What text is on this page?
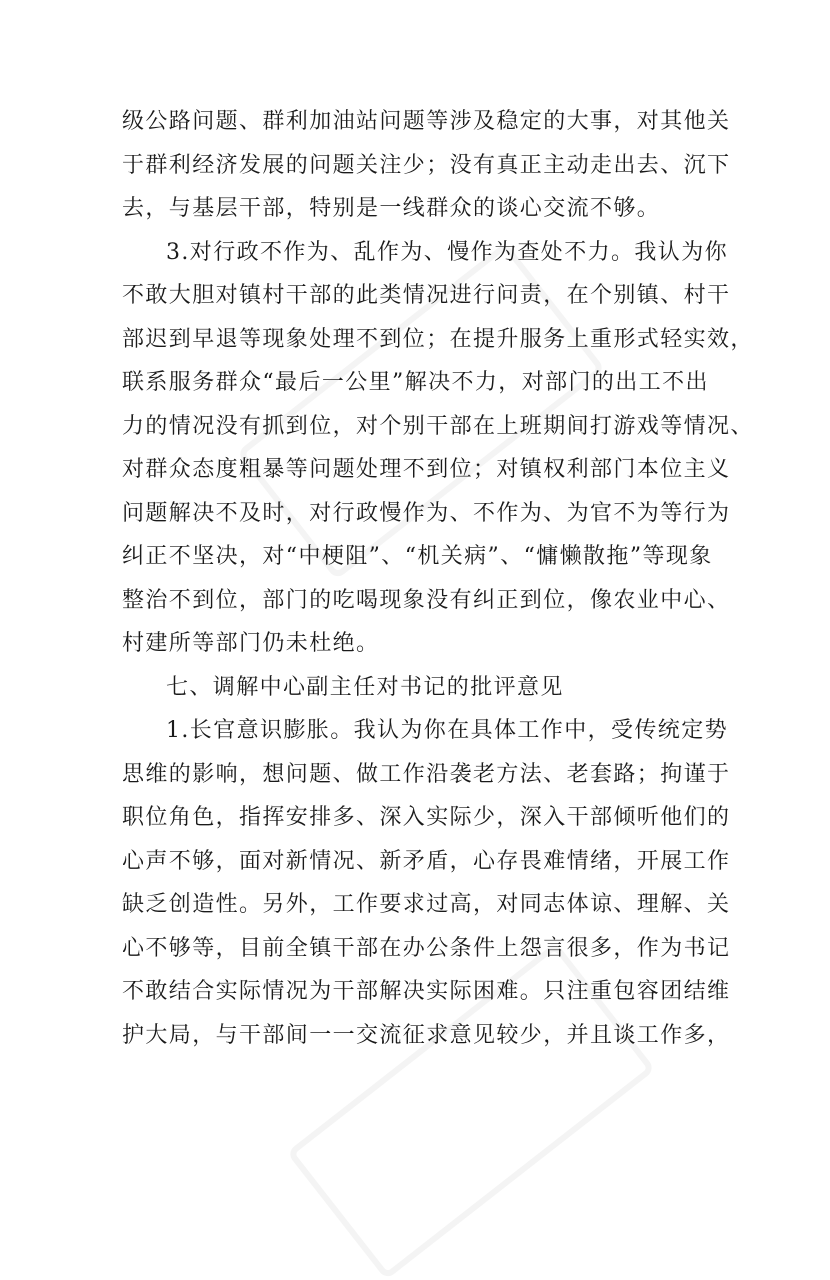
级公路问题、群利加油站问题等涉及稳定的大事，对其他关
于群利经济发展的问题关注少；没有真正主动走出去、沉下
去，与基层干部，特别是一线群众的谈心交流不够。
3.对行政不作为、乱作为、慢作为查处不力。我认为你
不敢大胆对镇村干部的此类情况进行问责，在个别镇、村干
部迟到早退等现象处理不到位；在提升服务上重形式轻实效，
联系服务群众“最后一公里”解决不力，对部门的出工不出
力的情况没有抓到位，对个别干部在上班期间打游戏等情况、
对群众态度粗暴等问题处理不到位；对镇权利部门本位主义
问题解决不及时，对行政慢作为、不作为、为官不为等行为
纠正不坚决，对“中梗阻”、“机关病”、“慵懒散拖”等现象
整治不到位，部门的吃喝现象没有纠正到位，像农业中心、
村建所等部门仍未杜绝。
七、调解中心副主任对书记的批评意见
1.长官意识膨胀。我认为你在具体工作中，受传统定势
思维的影响，想问题、做工作沿袭老方法、老套路；拘谨于
职位角色，指挥安排多、深入实际少，深入干部倾听他们的
心声不够，面对新情况、新矛盾，心存畏难情绪，开展工作
缺乏创造性。另外，工作要求过高，对同志体谅、理解、关
心不够等，目前全镇干部在办公条件上怨言很多，作为书记
不敢结合实际情况为干部解决实际困难。只注重包容团结维
护大局，与干部间一一交流征求意见较少，并且谈工作多，
